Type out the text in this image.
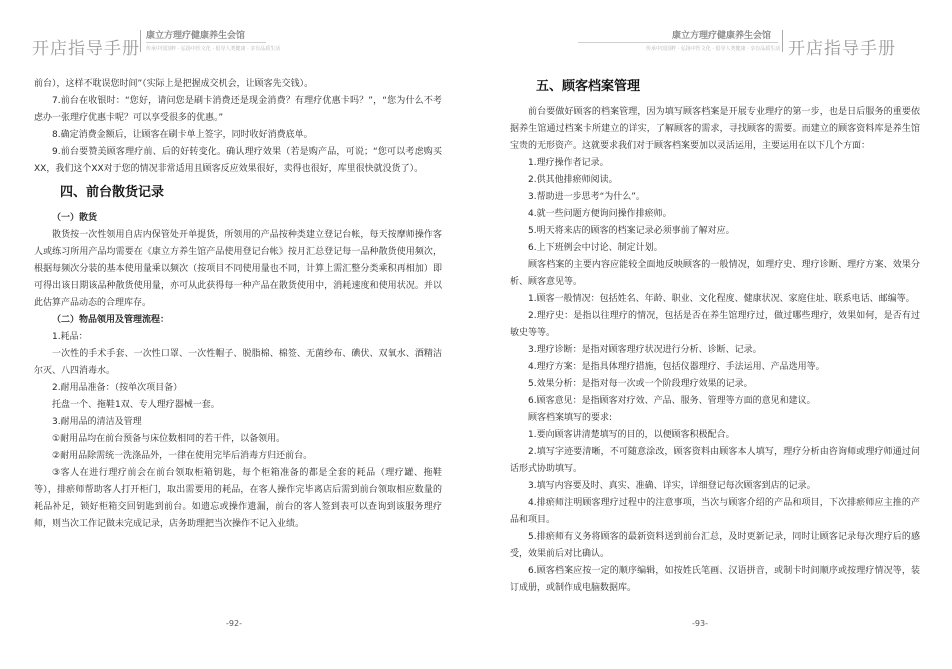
开店指导手册
康立方理疗健康养生会馆
传承中国国粹 · 弘扬中医文化 · 倡导人类健康 · 享有品质生活

前台），这样不耽误您时间”（实际上是把握成交机会，让顾客先交钱）。

7.前台在收银时：“您好，请问您是刷卡消费还是现金消费？有理疗优惠卡吗？”，“您为什么不考虑办一张理疗优惠卡呢？可以享受很多的优惠。”

8.确定消费金额后，让顾客在刷卡单上签字，同时收好消费底单。

9.前台要赞美顾客理疗前、后的好转变化。确认理疗效果（若是购产品，可说；“您可以考虑购买XX，我们这个XX对于您的情况非常适用且顾客反应效果很好，卖得也很好，库里很快就没货了）。

四、前台散货记录

（一）散货

散货按一次性领用自店内保管处开单提货，所领用的产品按种类建立登记台帐，每天按摩师操作客人或练习所用产品均需要在《康立方养生馆产品使用登记台帐》按月汇总登记每一品种散货使用频次，根据每频次分装的基本使用量乘以频次（按项目不同使用量也不同，计算上需汇整分类乘积再相加）即可得出该日期该品种散货使用量，亦可从此获得每一种产品在散货使用中，消耗速度和使用状况。并以此估算产品动态的合理库存。

（二）物品领用及管理流程：

1.耗品：

一次性的手术手套、一次性口罩、一次性帽子、脱脂棉、棉签、无菌纱布、碘伏、双氧水、酒精洁尔灭、八四消毒水。

2.耐用品准备：（按单次项目备）

托盘一个、拖鞋1双、专人理疗器械一套。

3.耐用品的清洁及管理

①耐用品均在前台预备与床位数相同的若干件，以备领用。

②耐用品除需统一洗涤品外，一律在使用完毕后消毒方归还前台。

③客人在进行理疗前会在前台领取柜箱钥匙，每个柜箱准备的都是全套的耗品（理疗罐、拖鞋等），排瘀师帮助客人打开柜门，取出需要用的耗品，在客人操作完毕离店后需到前台领取相应数量的耗品补足，锁好柜箱交回钥匙到前台。如遗忘或操作遗漏，前台的客人签到表可以查询到该服务理疗师，则当次工作记做未完成记录，店务助理把当次操作不记入业绩。

-92-
康立方理疗健康养生会馆
传承中国国粹 · 弘扬中医文化 · 倡导人类健康 · 享有品质生活 开店指导手册
五、顾客档案管理

前台要做好顾客的档案管理，因为填写顾客档案是开展专业理疗的第一步，也是日后服务的重要依据养生馆通过档案卡所建立的详实，了解顾客的需求，寻找顾客的需要。而建立的顾客资料库是养生馆宝贵的无形资产。这就要求我们对于顾客档案要加以灵活运用，主要运用在以下几个方面：

1.理疗操作者记录。

2.供其他排瘀师阅读。

3.帮助进一步思考“为什么”。

4.就一些问题方便询问操作排瘀师。

5.明天将来店的顾客的档案记录必须事前了解对应。

6.上下班例会中讨论、制定计划。

顾客档案的主要内容应能较全面地反映顾客的一般情况，如理疗史、理疗诊断、理疗方案、效果分析、顾客意见等。

1.顾客一般情况：包括姓名、年龄、职业、文化程度、健康状况、家庭住址、联系电话、邮编等。

2.理疗史：是指以往理疗的情况，包括是否在养生馆理疗过，做过哪些理疗，效果如何，是否有过敏史等等。

3.理疗诊断：是指对顾客理疗状况进行分析、诊断、记录。

4.理疗方案：是指具体理疗措施，包括仪器理疗、手法运用、产品选用等。

5.效果分析：是指对每一次或一个阶段理疗效果的记录。

6.顾客意见：是指顾客对疗效、产品、服务、管理等方面的意见和建议。

顾客档案填写的要求:

1.要向顾客讲清楚填写的目的，以便顾客积极配合。

2.填写字迹要清晰，不可随意涂改，顾客资料由顾客本人填写，理疗分析由咨询师或理疗师通过问话形式协助填写。

3.填写内容要及时、真实、准确、详实，详细登记每次顾客到店的记录。

4.排瘀师注明顾客理疗过程中的注意事项，当次与顾客介绍的产品和项目，下次排瘀师应主推的产品和项目。

5.排瘀师有义务将顾客的最新资料送到前台汇总，及时更新记录，同时让顾客记录每次理疗后的感受，效果前后对比确认。

6.顾客档案应按一定的顺序编辑，如按姓氏笔画、汉语拼音，或制卡时间顺序或按理疗情况等，装订成册，或制作成电脑数据库。

-93-
